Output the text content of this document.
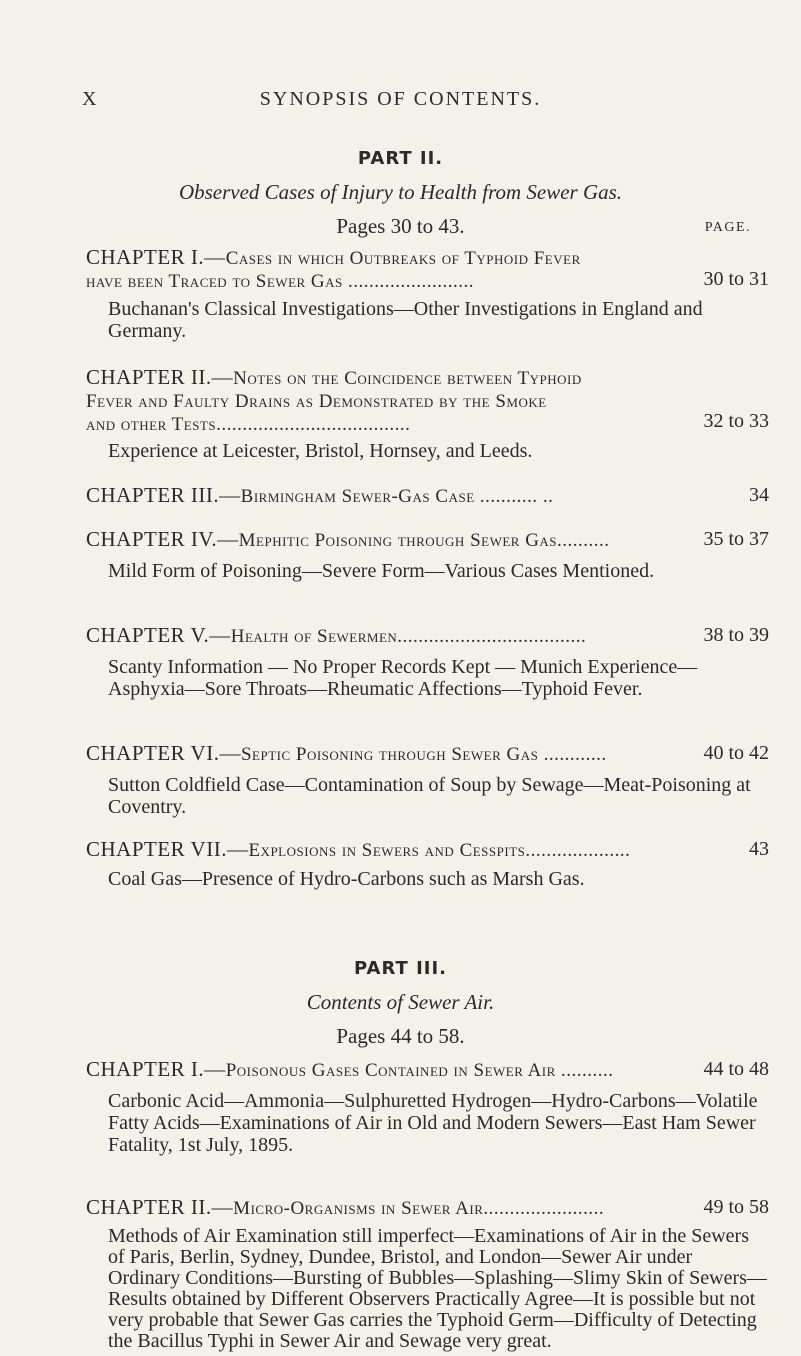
X	SYNOPSIS OF CONTENTS.
PART II.
Observed Cases of Injury to Health from Sewer Gas.
Pages 30 to 43.	PAGE.
CHAPTER I.—Cases in which Outbreaks of Typhoid Fever
have been Traced to Sewer Gas ........................	30 to 31
Buchanan's Classical Investigations—Other Investigations in England and Germany.
CHAPTER II.—Notes on the Coincidence between Typhoid
Fever and Faulty Drains as Demonstrated by the Smoke
and other Tests.....................................	32 to 33
Experience at Leicester, Bristol, Hornsey, and Leeds.
CHAPTER III.—Birmingham Sewer-Gas Case ........... ..	34
CHAPTER IV.—Mephitic Poisoning through Sewer Gas..........	35 to 37
Mild Form of Poisoning—Severe Form—Various Cases Mentioned.
CHAPTER V.—Health of Sewermen....................................	38 to 39
Scanty Information — No Proper Records Kept — Munich Experience—Asphyxia—Sore Throats—Rheumatic Affections—Typhoid Fever.
CHAPTER VI.—Septic Poisoning through Sewer Gas ............	40 to 42
Sutton Coldfield Case—Contamination of Soup by Sewage—Meat-Poisoning at Coventry.
CHAPTER VII.—Explosions in Sewers and Cesspits....................	43
Coal Gas—Presence of Hydro-Carbons such as Marsh Gas.
PART III.
Contents of Sewer Air.
Pages 44 to 58.
CHAPTER I.—Poisonous Gases Contained in Sewer Air ..........	44 to 48
Carbonic Acid—Ammonia—Sulphuretted Hydrogen—Hydro-Carbons—Volatile Fatty Acids—Examinations of Air in Old and Modern Sewers—East Ham Sewer Fatality, 1st July, 1895.
CHAPTER II.—Micro-Organisms in Sewer Air.......................	49 to 58
Methods of Air Examination still imperfect—Examinations of Air in the Sewers of Paris, Berlin, Sydney, Dundee, Bristol, and London—Sewer Air under Ordinary Conditions—Bursting of Bubbles—Splashing—Slimy Skin of Sewers—Results obtained by Different Observers Practically Agree—It is possible but not very probable that Sewer Gas carries the Typhoid Germ—Difficulty of Detecting the Bacillus Typhi in Sewer Air and Sewage very great.
